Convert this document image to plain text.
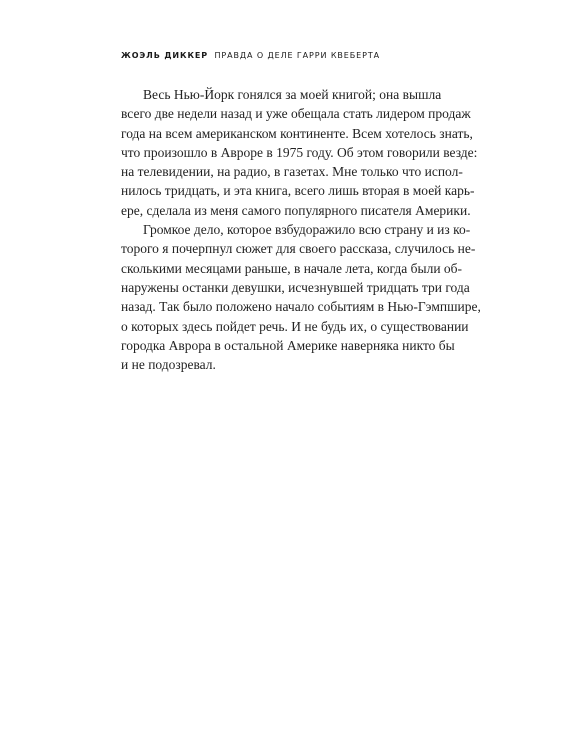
ЖОЭЛЬ ДИККЕР ПРАВДА О ДЕЛЕ ГАРРИ КВЕБЕРТА
Весь Нью-Йорк гонялся за моей книгой; она вышла
всего две недели назад и уже обещала стать лидером продаж
года на всем американском континенте. Всем хотелось знать,
что произошло в Авроре в 1975 году. Об этом говорили везде:
на телевидении, на радио, в газетах. Мне только что испол-
нилось тридцать, и эта книга, всего лишь вторая в моей карь-
ере, сделала из меня самого популярного писателя Америки.
Громкое дело, которое взбудоражило всю страну и из ко-
торого я почерпнул сюжет для своего рассказа, случилось не-
сколькими месяцами раньше, в начале лета, когда были об-
наружены останки девушки, исчезнувшей тридцать три года
назад. Так было положено начало событиям в Нью-Гэмпшире,
о которых здесь пойдет речь. И не будь их, о существовании
городка Аврора в остальной Америке наверняка никто бы
и не подозревал.
